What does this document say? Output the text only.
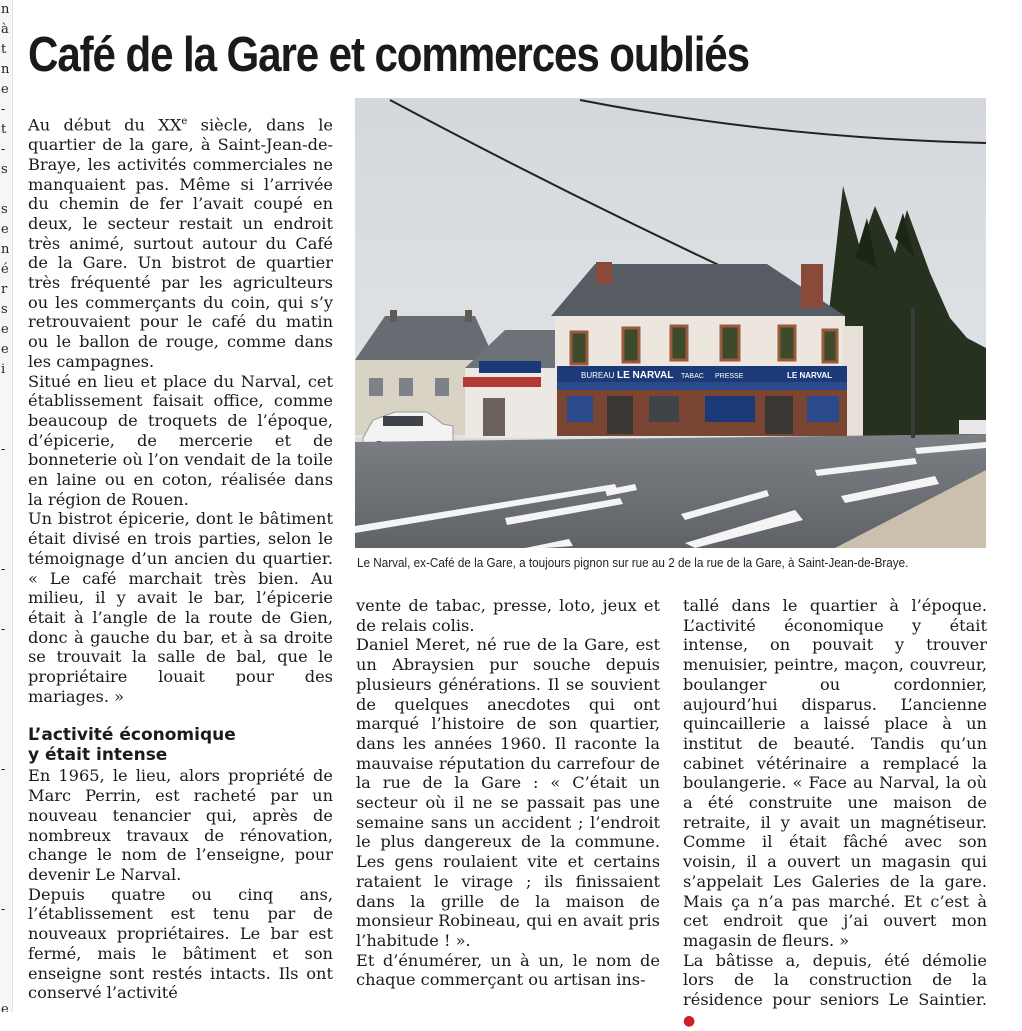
n
à
t
n
e
-
t
-
s
s
e
n
é
r
s
e
e
i
-
-
-
-
-
e
Café de la Gare et commerces oubliés

Au début du XXe siècle, dans le quartier de la gare, à Saint-Jean-de-Braye, les activités commerciales ne manquaient pas. Même si l’arrivée du chemin de fer l’avait coupé en deux, le secteur restait un endroit très animé, surtout autour du Café de la Gare. Un bistrot de quartier très fréquenté par les agriculteurs ou les commerçants du coin, qui s’y retrouvaient pour le café du matin ou le ballon de rouge, comme dans les campagnes.

Situé en lieu et place du Narval, cet établissement faisait office, comme beaucoup de troquets de l’époque, d’épicerie, de mercerie et de bonneterie où l’on vendait de la toile en laine ou en coton, réalisée dans la région de Rouen.

Un bistrot épicerie, dont le bâtiment était divisé en trois parties, selon le témoignage d’un ancien du quartier. « Le café marchait très bien. Au milieu, il y avait le bar, l’épicerie était à l’angle de la route de Gien, donc à gauche du bar, et à sa droite se trouvait la salle de bal, que le propriétaire louait pour des mariages. »

L’activité économique
y était intense

En 1965, le lieu, alors propriété de Marc Perrin, est racheté par un nouveau tenancier qui, après de nombreux travaux de rénovation, change le nom de l’enseigne, pour devenir Le Narval.

Depuis quatre ou cinq ans, l’établissement est tenu par de nouveaux propriétaires. Le bar est fermé, mais le bâtiment et son enseigne sont restés intacts. Ils ont conservé l’activité

BUREAU LE NARVAL TABAC PRESSE	LE NARVAL
Le Narval, ex-Café de la Gare, a toujours pignon sur rue au 2 de la rue de la Gare, à Saint-Jean-de-Braye.

vente de tabac, presse, loto, jeux et de relais colis.

Daniel Meret, né rue de la Gare, est un Abraysien pur souche depuis plusieurs générations. Il se souvient de quelques anecdotes qui ont marqué l’histoire de son quartier, dans les années 1960. Il raconte la mauvaise réputation du carrefour de la rue de la Gare : « C’était un secteur où il ne se passait pas une semaine sans un accident ; l’endroit le plus dangereux de la commune. Les gens roulaient vite et certains rataient le virage ; ils finissaient dans la grille de la maison de monsieur Robineau, qui en avait pris l’habitude ! ».

Et d’énumérer, un à un, le nom de chaque commerçant ou artisan ins-

tallé dans le quartier à l’époque. L’activité économique y était intense, on pouvait y trouver menuisier, peintre, maçon, couvreur, boulanger ou cordonnier, aujourd’hui disparus. L’ancienne quincaillerie a laissé place à un institut de beauté. Tandis qu’un cabinet vétérinaire a remplacé la boulangerie. « Face au Narval, la où a été construite une maison de retraite, il y avait un magnétiseur. Comme il était fâché avec son voisin, il a ouvert un magasin qui s’appelait Les Galeries de la gare. Mais ça n’a pas marché. Et c’est à cet endroit que j’ai ouvert mon magasin de fleurs. »

La bâtisse a, depuis, été démolie lors de la construction de la résidence pour seniors Le Saintier. ●
